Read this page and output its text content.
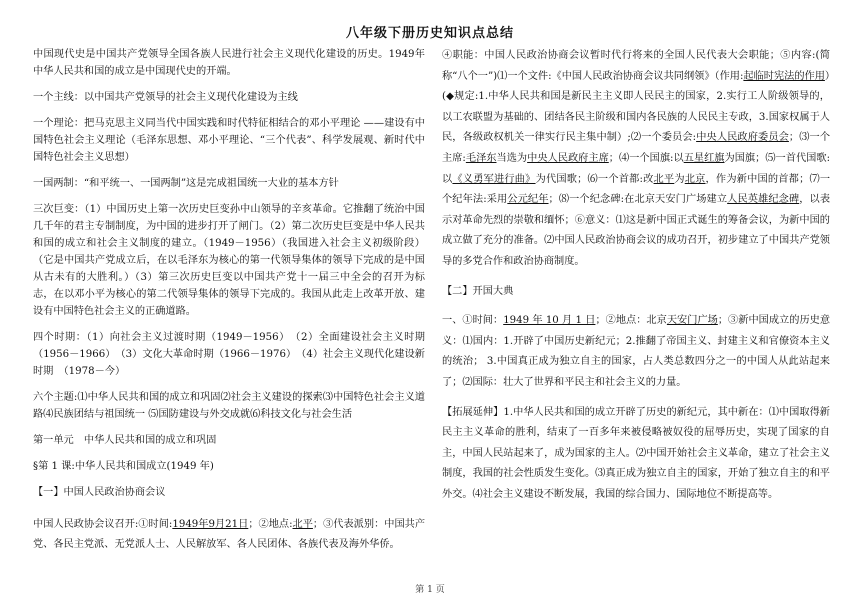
八年级下册历史知识点总结

中国现代史是中国共产党领导全国各族人民进行社会主义现代化建设的历史。1949年中华人民共和国的成立是中国现代史的开端。

一个主线：以中国共产党领导的社会主义现代化建设为主线

一个理论：把马克思主义同当代中国实践和时代特征相结合的邓小平理论 ——建设有中国特色社会主义理论（毛泽东思想、邓小平理论、“三个代表”、科学发展观、新时代中国特色社会主义思想）

一国两制：“和平统一、一国两制”这是完成祖国统一大业的基本方针

三次巨变：（1）中国历史上第一次历史巨变孙中山领导的辛亥革命。它推翻了统治中国几千年的君主专制制度，为中国的进步打开了闸门。（2）第二次历史巨变是中华人民共和国的成立和社会主义制度的建立。（1949－1956）（我国进入社会主义初级阶段）（它是中国共产党成立后，在以毛泽东为核心的第一代领导集体的领导下完成的是中国从古未有的大胜利。）（3）第三次历史巨变以中国共产党十一届三中全会的召开为标志，在以邓小平为核心的第二代领导集体的领导下完成的。我国从此走上改革开放、建设有中国特色社会主义的正确道路。

四个时期：（1）向社会主义过渡时期（1949－1956）　（2）全面建设社会主义时期（1956－1966）　（3）文化大革命时期（1966－1976）　（4）社会主义现代化建设新时期　（1978－今）

六个主题:⑴中华人民共和国的成立和巩固⑵社会主义建设的探索⑶中国特色社会主义道路⑷民族团结与祖国统一 ⑸国防建设与外交成就⑹科技文化与社会生活

第一单元　中华人民共和国的成立和巩固

§第 1 课:中华人民共和国成立(1949 年)

【一】中国人民政治协商会议

中国人民政协会议召开:①时间:1949年9月21日；②地点:北平；③代表派别：中国共产党、各民主党派、无党派人士、人民解放军、各人民团体、各族代表及海外华侨。

④职能：中国人民政治协商会议暂时代行将来的全国人民代表大会职能；⑤内容:(简称“八个一”)⑴一个文件:《中国人民政治协商会议共同纲领》（作用:起临时宪法的作用）(◆规定:1.中华人民共和国是新民主主义即人民民主的国家，2.实行工人阶级领导的，以工农联盟为基础的、团结各民主阶级和国内各民族的人民民主专政，3.国家权属于人民，各级政权机关一律实行民主集中制）;⑵一个委员会:中央人民政府委员会；⑶一个主席:毛泽东当选为中央人民政府主席；⑷一个国旗:以五星红旗为国旗；⑸一首代国歌:以《义勇军进行曲》为代国歌；⑹一个首都:改北平为北京，作为新中国的首都；⑺一个纪年法:采用公元纪年；⑻一个纪念碑:在北京天安门广场建立人民英雄纪念碑，以表示对革命先烈的崇敬和缅怀；⑥意义：⑴这是新中国正式诞生的筹备会议，为新中国的成立做了充分的准备。⑵中国人民政治协商会议的成功召开，初步建立了中国共产党领导的多党合作和政治协商制度。

【二】开国大典

一、①时间：1949 年 10 月 1 日；②地点：北京天安门广场；③新中国成立的历史意义：⑴国内：1.开辟了中国历史新纪元；2.推翻了帝国主义、封建主义和官僚资本主义的统治； 3.中国真正成为独立自主的国家，占人类总数四分之一的中国人从此站起来了；⑵国际：壮大了世界和平民主和社会主义的力量。

【拓展延伸】1.中华人民共和国的成立开辟了历史的新纪元，其中新在：⑴中国取得新民主主义革命的胜利，结束了一百多年来被侵略被奴役的屈辱历史，实现了国家的自主，中国人民站起来了，成为国家的主人。⑵中国开始社会主义革命，建立了社会主义制度，我国的社会性质发生变化。⑶真正成为独立自主的国家，开始了独立自主的和平外交。⑷社会主义建设不断发展，我国的综合国力、国际地位不断提高等。

第 1 页
